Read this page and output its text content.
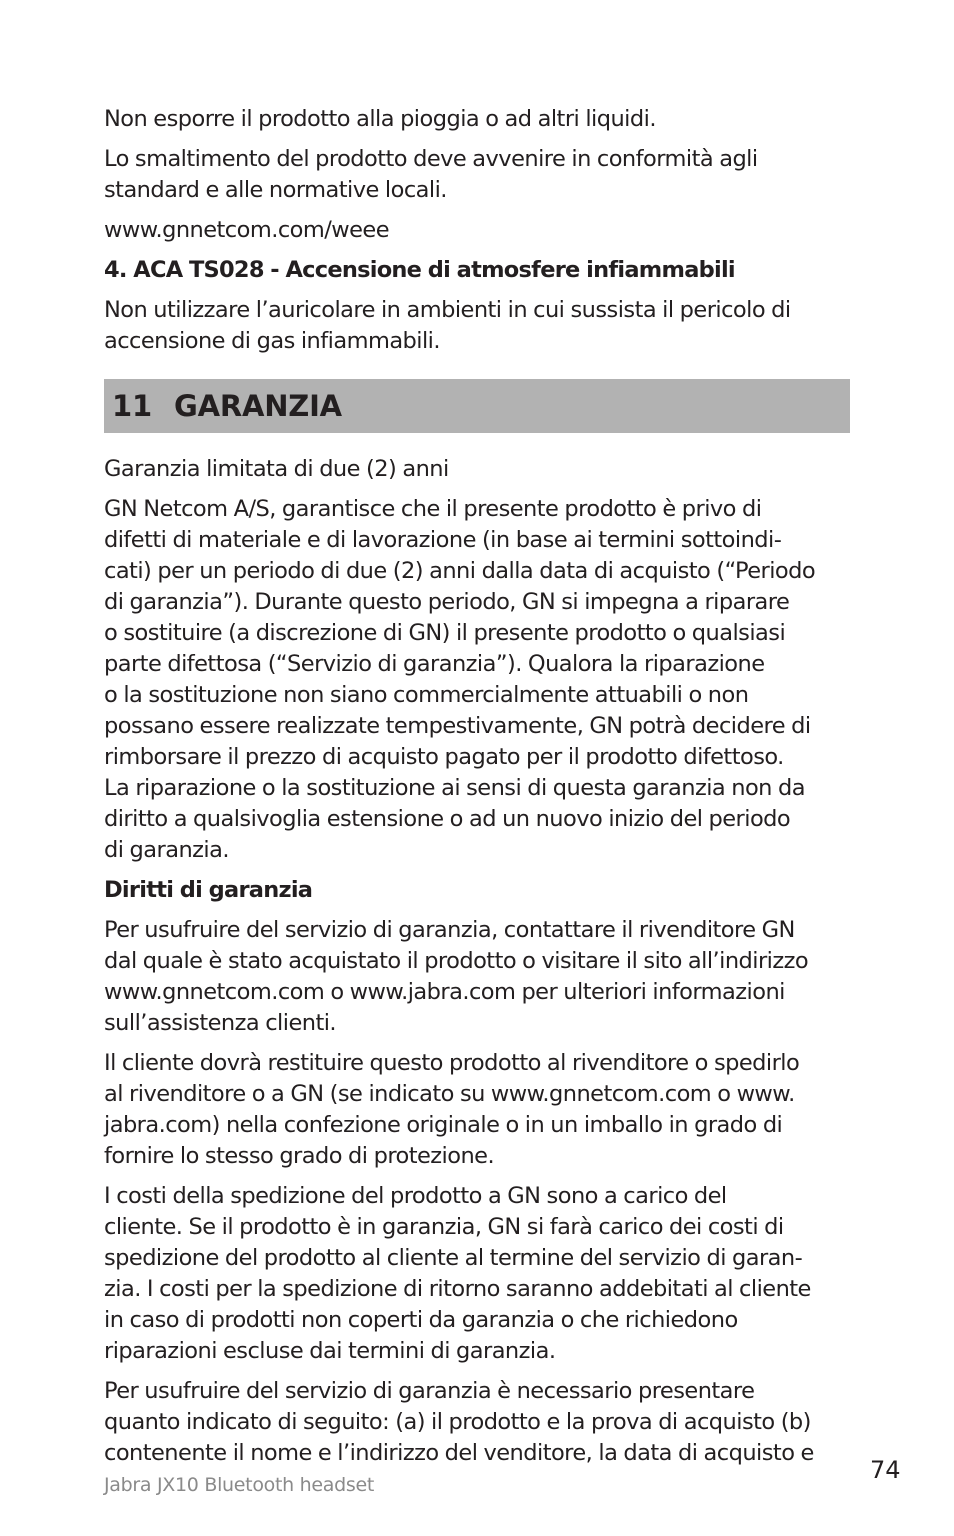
Non esporre il prodotto alla pioggia o ad altri liquidi.

Lo smaltimento del prodotto deve avvenire in conformità agli
standard e alle normative locali.

www.gnnetcom.com/weee

4. ACA TS028 - Accensione di atmosfere infiammabili

Non utilizzare l’auricolare in ambienti in cui sussista il pericolo di
accensione di gas infiammabili.

11 GARANZIA

Garanzia limitata di due (2) anni

GN Netcom A/S, garantisce che il presente prodotto è privo di
difetti di materiale e di lavorazione (in base ai termini sottoindi-
cati) per un periodo di due (2) anni dalla data di acquisto (“Periodo
di garanzia”). Durante questo periodo, GN si impegna a riparare
o sostituire (a discrezione di GN) il presente prodotto o qualsiasi
parte difettosa (“Servizio di garanzia”). Qualora la riparazione
o la sostituzione non siano commercialmente attuabili o non
possano essere realizzate tempestivamente, GN potrà decidere di
rimborsare il prezzo di acquisto pagato per il prodotto difettoso.
La riparazione o la sostituzione ai sensi di questa garanzia non da
diritto a qualsivoglia estensione o ad un nuovo inizio del periodo
di garanzia.

Diritti di garanzia

Per usufruire del servizio di garanzia, contattare il rivenditore GN
dal quale è stato acquistato il prodotto o visitare il sito all’indirizzo
www.gnnetcom.com o www.jabra.com per ulteriori informazioni
sull’assistenza clienti.

Il cliente dovrà restituire questo prodotto al rivenditore o spedirlo
al rivenditore o a GN (se indicato su www.gnnetcom.com o www.
jabra.com) nella confezione originale o in un imballo in grado di
fornire lo stesso grado di protezione.

I costi della spedizione del prodotto a GN sono a carico del
cliente. Se il prodotto è in garanzia, GN si farà carico dei costi di
spedizione del prodotto al cliente al termine del servizio di garan-
zia. I costi per la spedizione di ritorno saranno addebitati al cliente
in caso di prodotti non coperti da garanzia o che richiedono
riparazioni escluse dai termini di garanzia.

Per usufruire del servizio di garanzia è necessario presentare
quanto indicato di seguito: (a) il prodotto e la prova di acquisto (b)
contenente il nome e l’indirizzo del venditore, la data di acquisto e

Jabra JX10 Bluetooth headset
74
